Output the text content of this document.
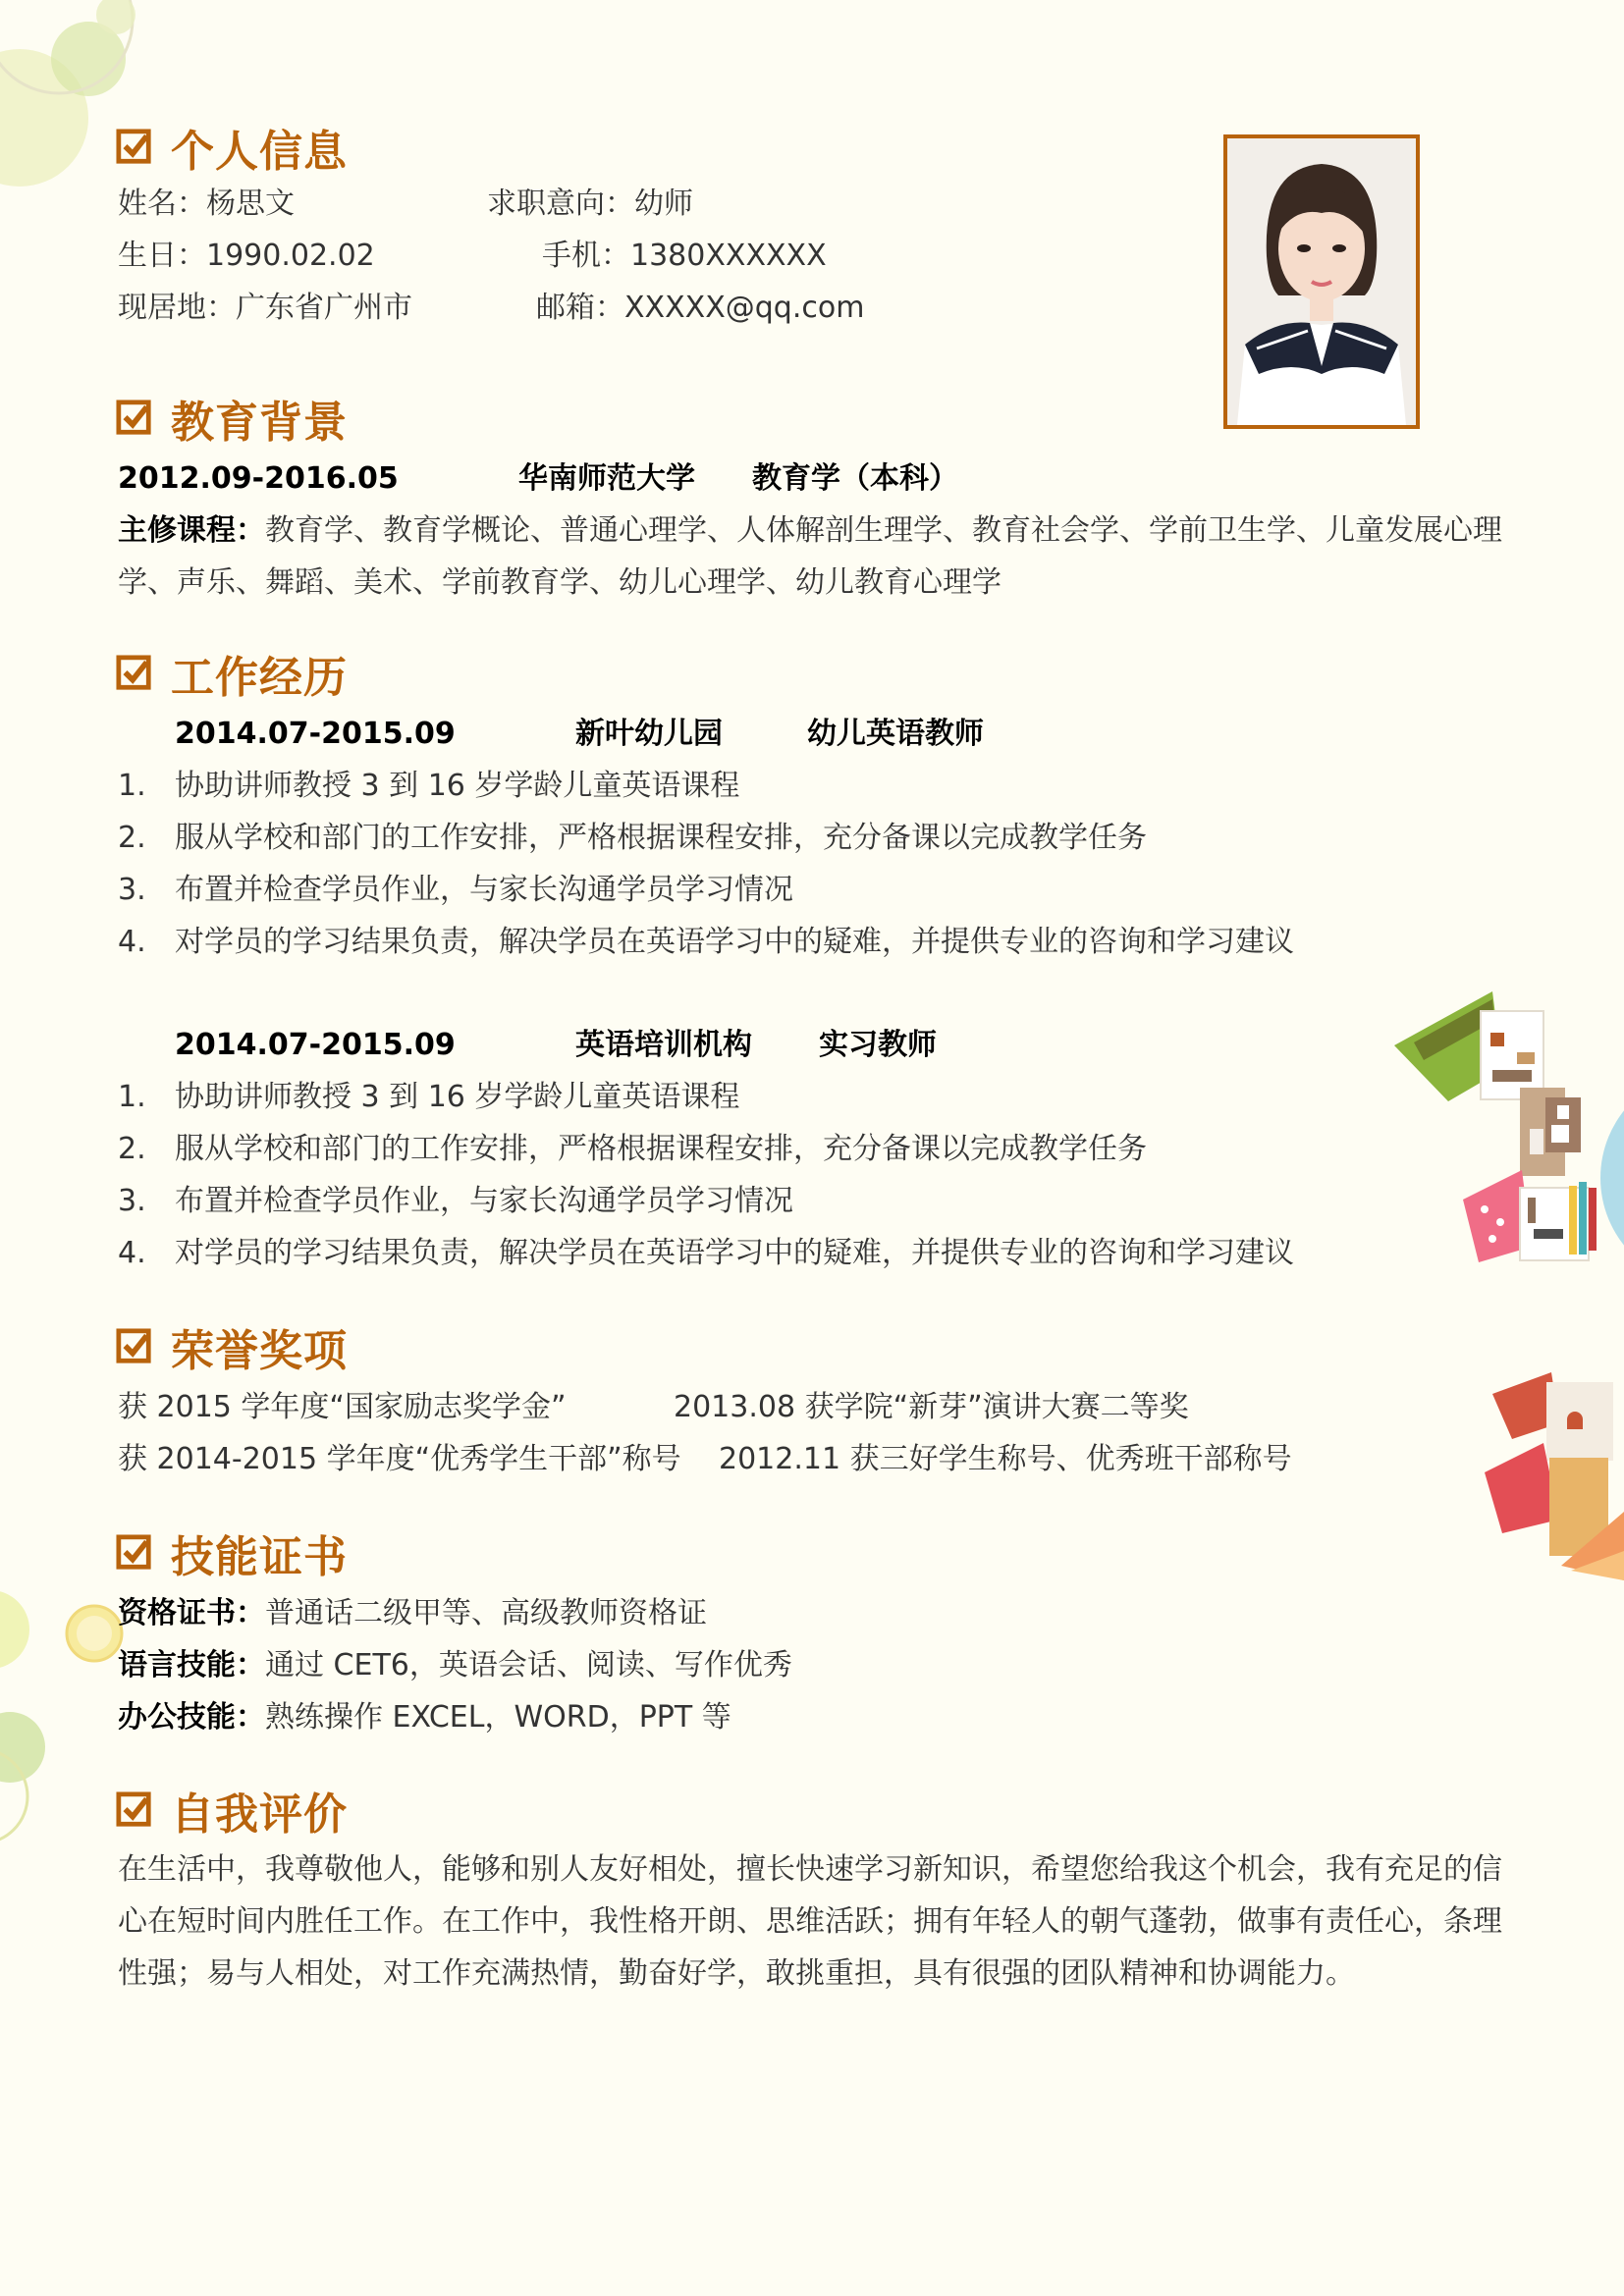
个人信息
姓名：杨思文	求职意向：幼师
生日：1990.02.02	手机：1380XXXXXX
现居地：广东省广州市	邮箱：XXXXX@qq.com
教育背景
2012.09-2016.05	华南师范大学 教育学（本科）
主修课程：教育学、教育学概论、普通心理学、人体解剖生理学、教育社会学、学前卫生学、儿童发展心理学、声乐、舞蹈、美术、学前教育学、幼儿心理学、幼儿教育心理学
工作经历
2014.07-2015.09	新叶幼儿园	幼儿英语教师
1. 协助讲师教授 3 到 16 岁学龄儿童英语课程
2. 服从学校和部门的工作安排，严格根据课程安排，充分备课以完成教学任务
3. 布置并检查学员作业，与家长沟通学员学习情况
4. 对学员的学习结果负责，解决学员在英语学习中的疑难，并提供专业的咨询和学习建议
2014.07-2015.09	英语培训机构 实习教师
1. 协助讲师教授 3 到 16 岁学龄儿童英语课程
2. 服从学校和部门的工作安排，严格根据课程安排，充分备课以完成教学任务
3. 布置并检查学员作业，与家长沟通学员学习情况
4. 对学员的学习结果负责，解决学员在英语学习中的疑难，并提供专业的咨询和学习建议
荣誉奖项
获 2015 学年度“国家励志奖学金”	2013.08 获学院“新芽”演讲大赛二等奖
获 2014-2015 学年度“优秀学生干部”称号 2012.11 获三好学生称号、优秀班干部称号
技能证书
资格证书：普通话二级甲等、高级教师资格证
语言技能：通过 CET6，英语会话、阅读、写作优秀
办公技能：熟练操作 EXCEL，WORD，PPT 等
自我评价
在生活中，我尊敬他人，能够和别人友好相处，擅长快速学习新知识，希望您给我这个机会，我有充足的信心在短时间内胜任工作。在工作中，我性格开朗、思维活跃；拥有年轻人的朝气蓬勃，做事有责任心，条理性强；易与人相处，对工作充满热情，勤奋好学，敢挑重担，具有很强的团队精神和协调能力。
